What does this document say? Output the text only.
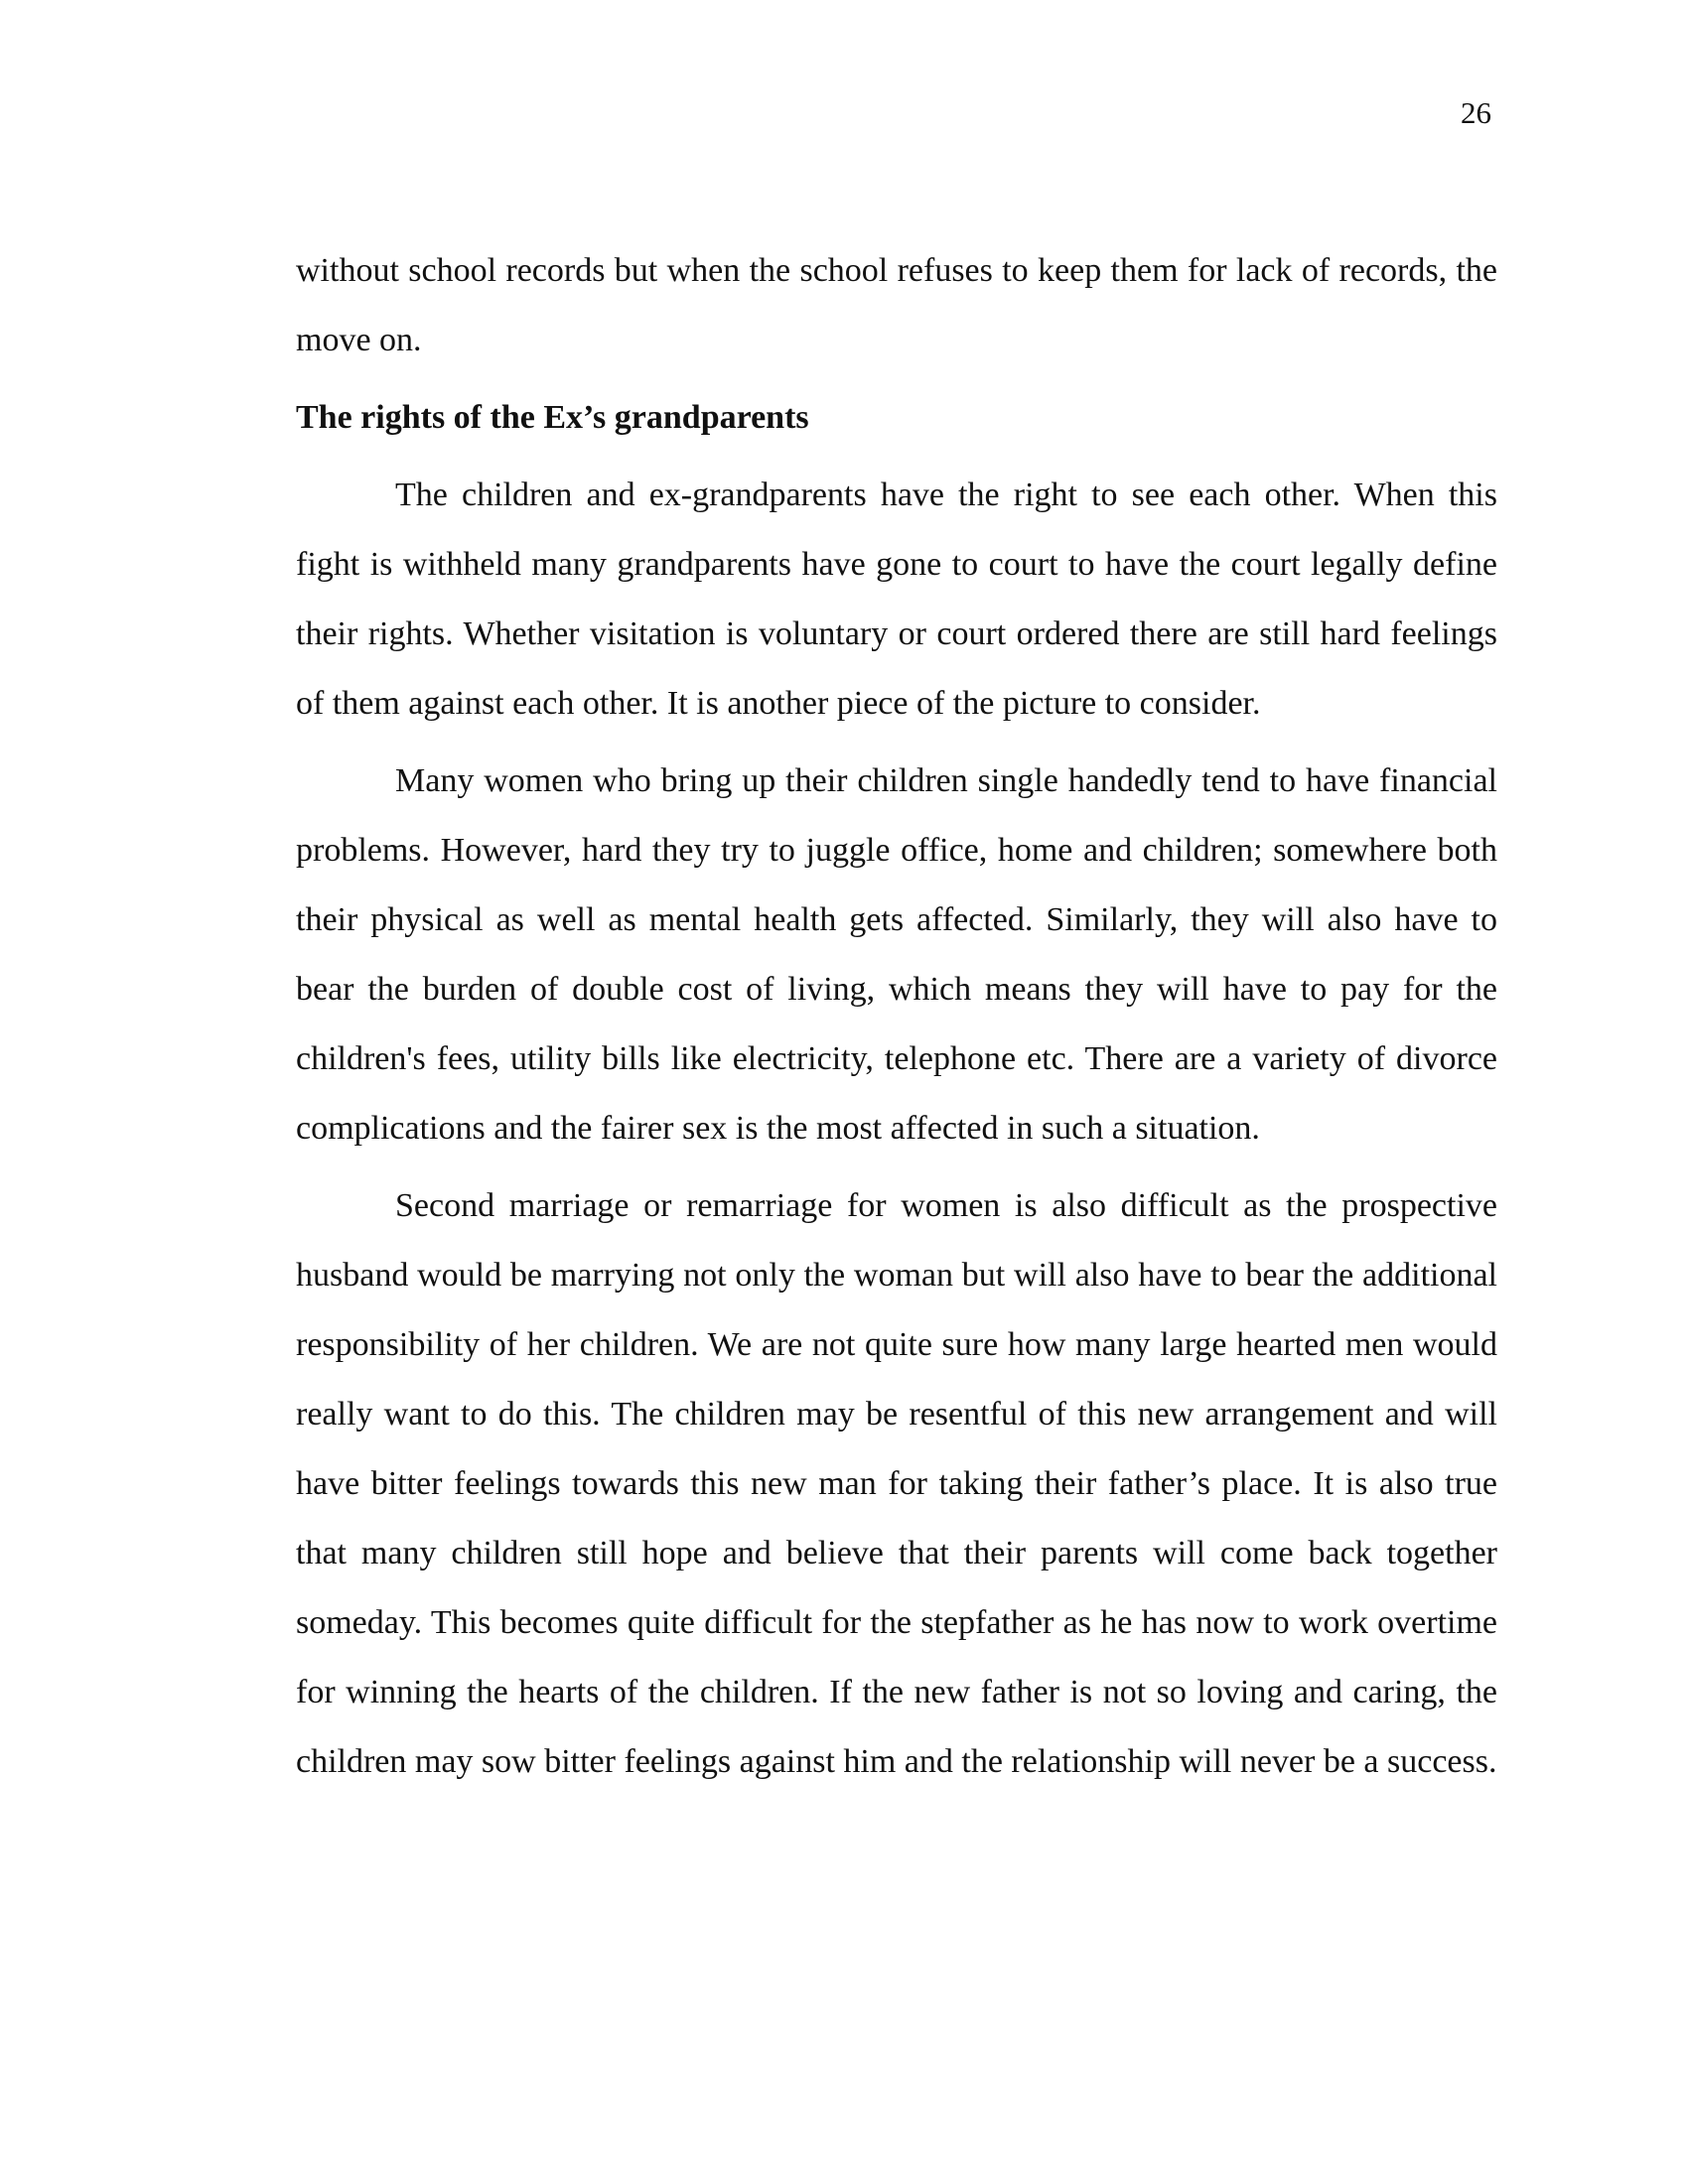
26

without school records but when the school refuses to keep them for lack of records, the move on.

The rights of the Ex’s grandparents

The children and ex-grandparents have the right to see each other. When this fight is withheld many grandparents have gone to court to have the court legally define their rights. Whether visitation is voluntary or court ordered there are still hard feelings of them against each other. It is another piece of the picture to consider.

Many women who bring up their children single handedly tend to have financial problems. However, hard they try to juggle office, home and children; somewhere both their physical as well as mental health gets affected. Similarly, they will also have to bear the burden of double cost of living, which means they will have to pay for the children's fees, utility bills like electricity, telephone etc. There are a variety of divorce complications and the fairer sex is the most affected in such a situation.

Second marriage or remarriage for women is also difficult as the prospective husband would be marrying not only the woman but will also have to bear the additional responsibility of her children. We are not quite sure how many large hearted men would really want to do this. The children may be resentful of this new arrangement and will have bitter feelings towards this new man for taking their father’s place. It is also true that many children still hope and believe that their parents will come back together someday. This becomes quite difficult for the stepfather as he has now to work overtime for winning the hearts of the children. If the new father is not so loving and caring, the children may sow bitter feelings against him and the relationship will never be a success.
